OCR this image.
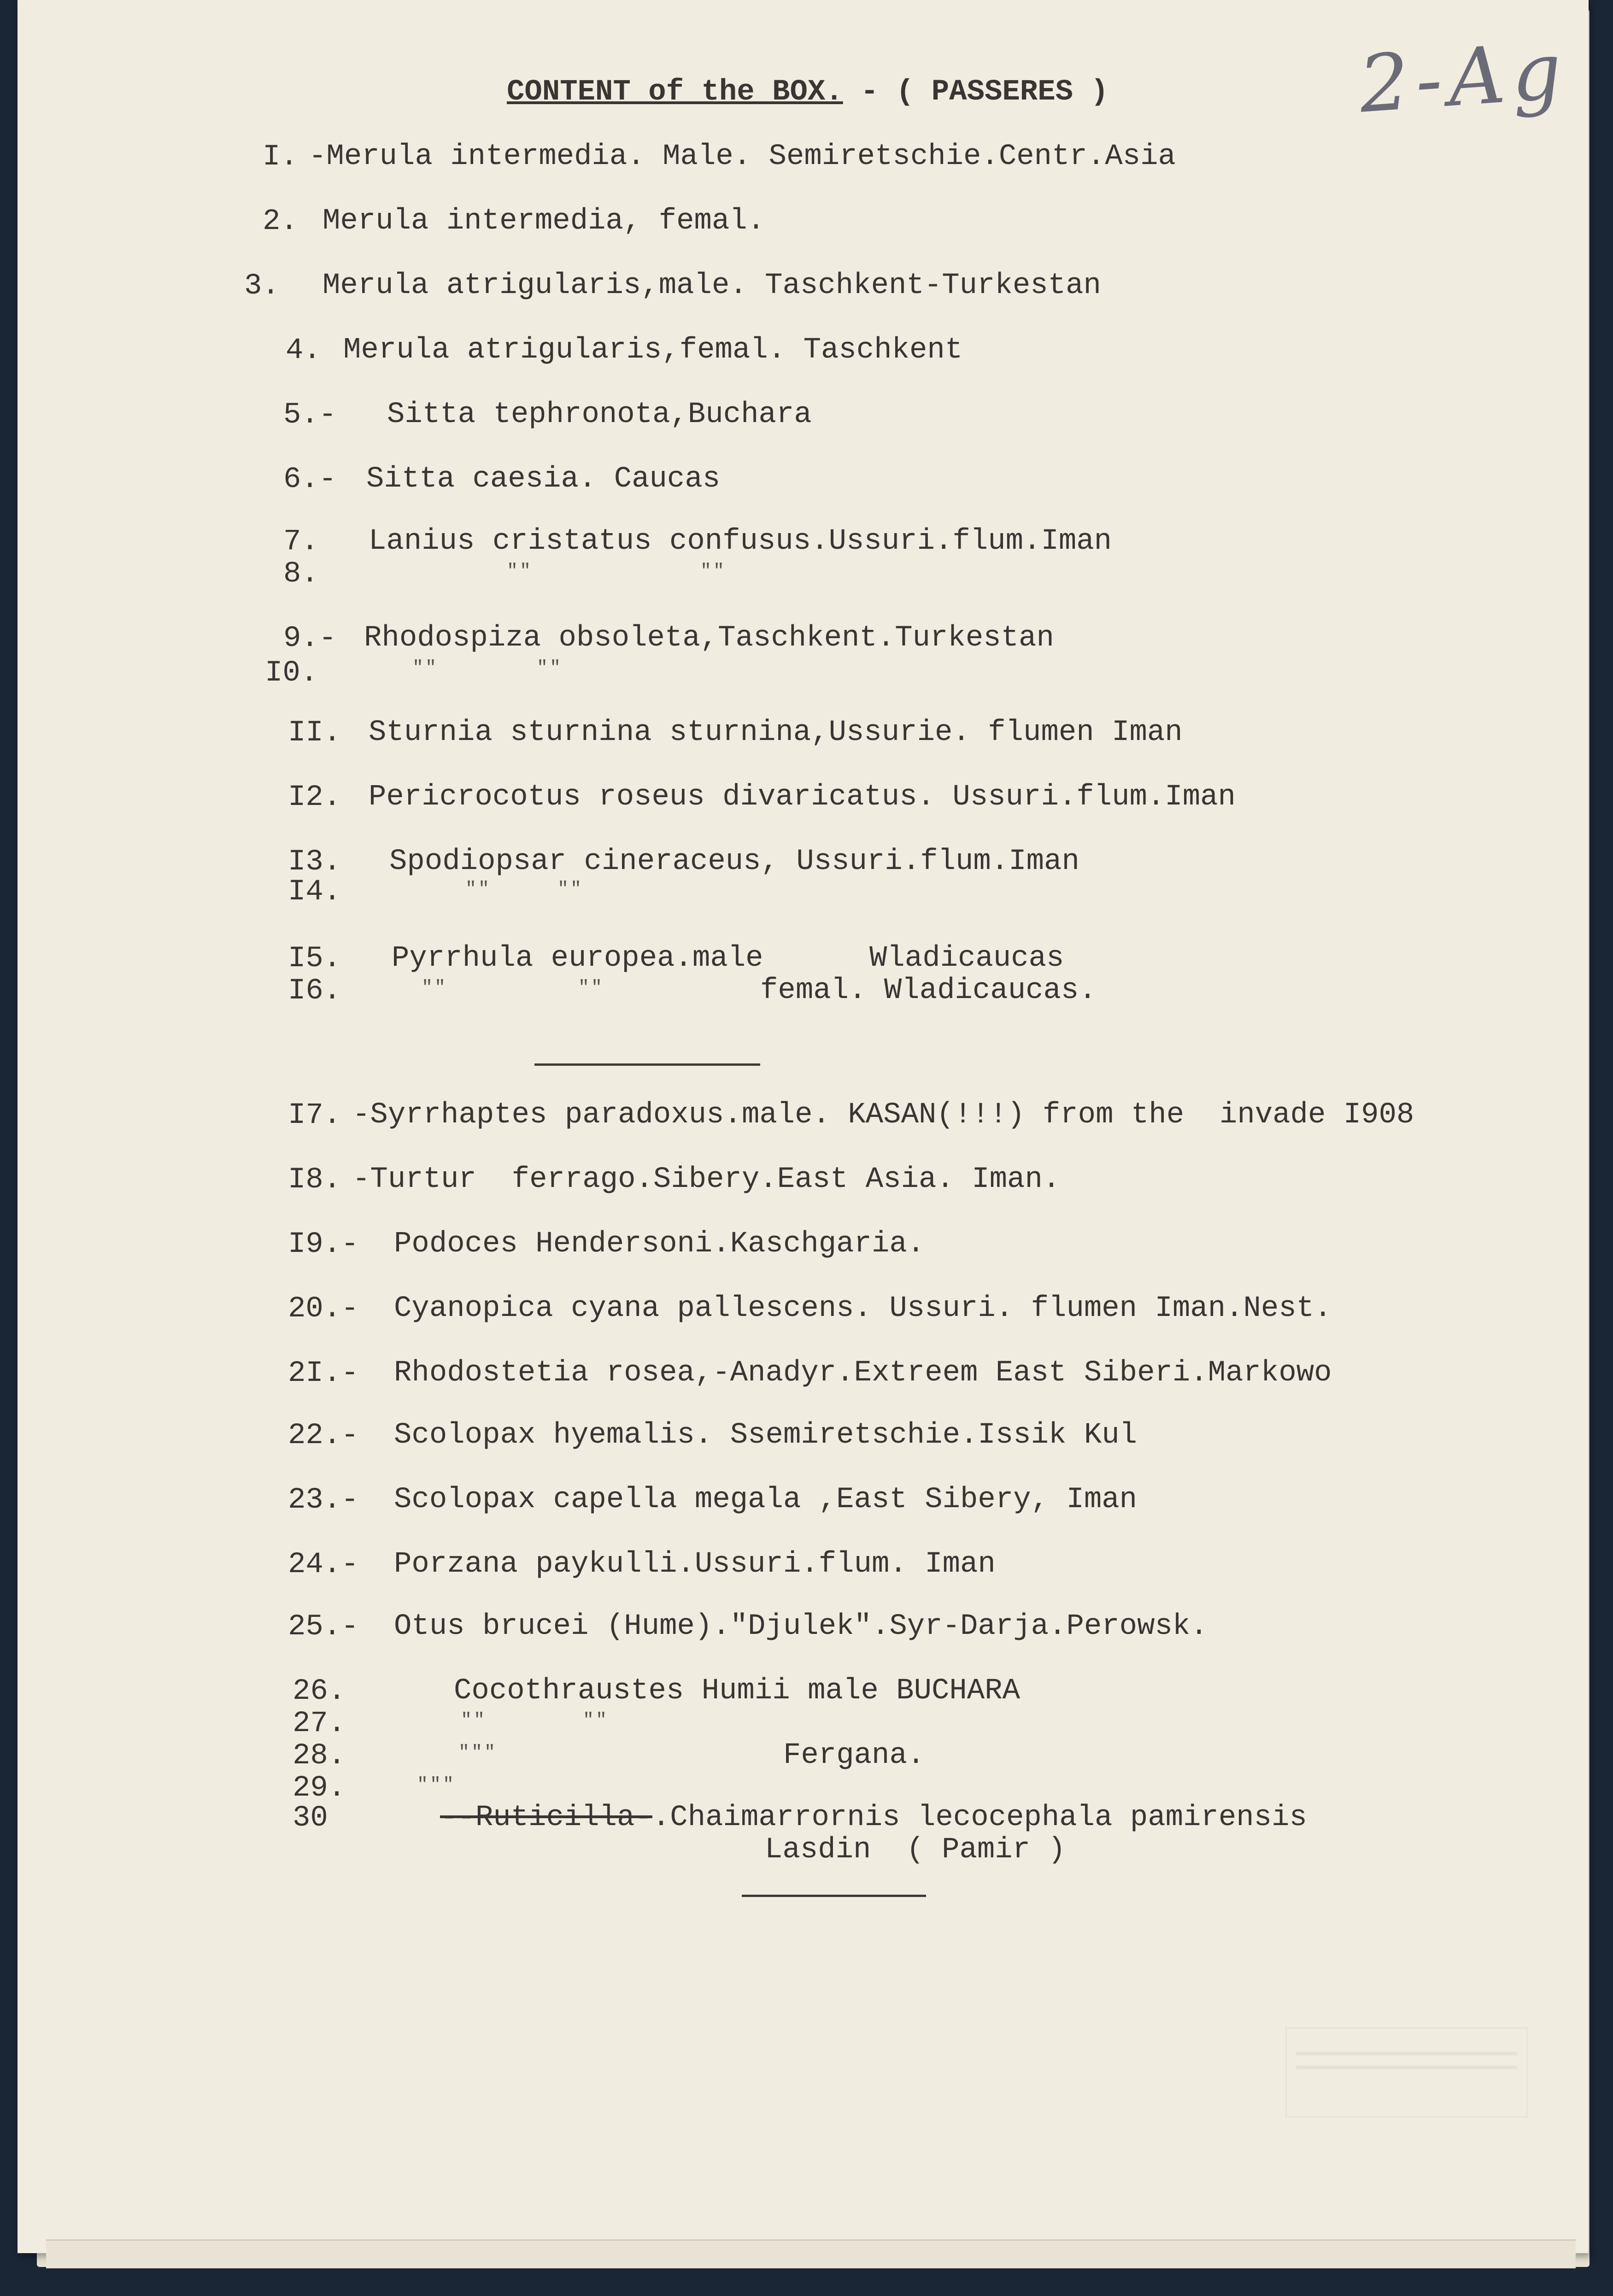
2-Ag
CONTENT of the BOX. - ( PASSERES )
I. -Merula intermedia. Male. Semiretschie.Centr.Asia
2. Merula intermedia, femal.
3. Merula atrigularis,male. Taschkent-Turkestan
4. Merula atrigularis,femal. Taschkent
5.- Sitta tephronota,Buchara
6.- Sitta caesia. Caucas
7. Lanius cristatus confusus.Ussuri.flum.Iman
8.	""	""
9.- Rhodospiza obsoleta,Taschkent.Turkestan
I0.	""	""
II. Sturnia sturnina sturnina,Ussurie. flumen Iman
I2. Pericrocotus roseus divaricatus. Ussuri.flum.Iman
I3. Spodiopsar cineraceus, Ussuri.flum.Iman
I4.	""	""
I5. Pyrrhula europea.male      Wladicaucas
I6.	""	""	femal. Wladicaucas.
I7. -Syrrhaptes paradoxus.male. KASAN(!!!) from the  invade I908
I8. -Turtur  ferrago.Sibery.East Asia. Iman.
I9.- Podoces Hendersoni.Kaschgaria.
20.- Cyanopica cyana pallescens. Ussuri. flumen Iman.Nest.
2I.- Rhodostetia rosea,-Anadyr.Extreem East Siberi.Markowo
22.- Scolopax hyemalis. Ssemiretschie.Issik Kul
23.- Scolopax capella megala ,East Sibery, Iman
24.- Porzana paykulli.Ussuri.flum. Iman
25.- Otus brucei (Hume)."Djulek".Syr-Darja.Perowsk.
26.	Cocothraustes Humii male BUCHARA
27.	""	""
28.	"""	Fergana.
29.	"""
30	--Ruticilla-.Chaimarrornis lecocephala pamirensis
Lasdin  ( Pamir )
